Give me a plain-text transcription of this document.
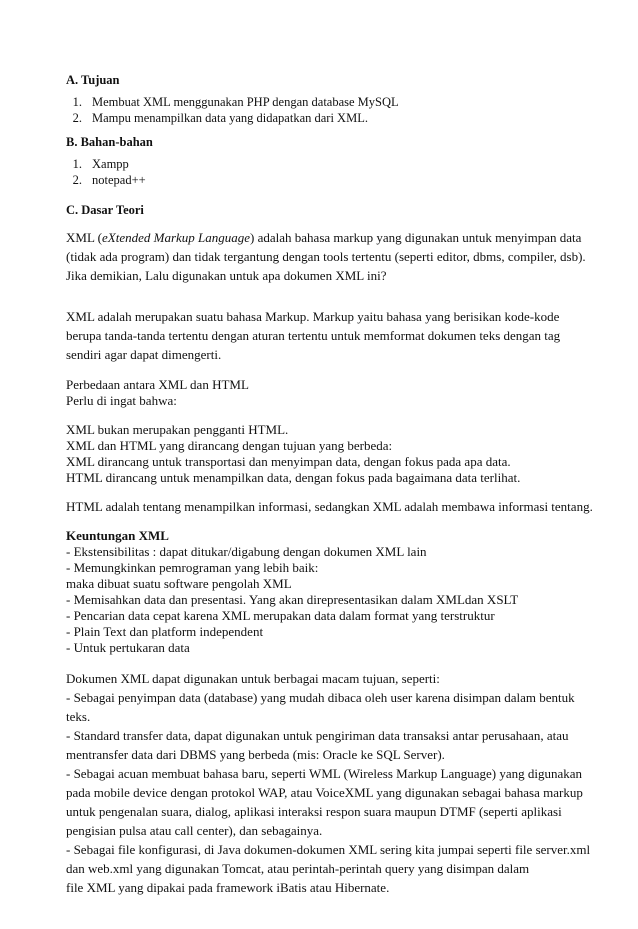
A. Tujuan

1. Membuat XML menggunakan PHP dengan database MySQL
2. Mampu menampilkan data yang didapatkan dari XML.

B. Bahan-bahan

1. Xampp
2. notepad++

C. Dasar Teori

XML (eXtended Markup Language) adalah bahasa markup yang digunakan untuk menyimpan data
(tidak ada program) dan tidak tergantung dengan tools tertentu (seperti editor, dbms, compiler, dsb).
Jika demikian, Lalu digunakan untuk apa dokumen XML ini?

XML adalah merupakan suatu bahasa Markup. Markup yaitu bahasa yang berisikan kode-kode
berupa tanda-tanda tertentu dengan aturan tertentu untuk memformat dokumen teks dengan tag
sendiri agar dapat dimengerti.

Perbedaan antara XML dan HTML
Perlu di ingat bahwa:

XML bukan merupakan pengganti HTML.
XML dan HTML yang dirancang dengan tujuan yang berbeda:
XML dirancang untuk transportasi dan menyimpan data, dengan fokus pada apa data.
HTML dirancang untuk menampilkan data, dengan fokus pada bagaimana data terlihat.

HTML adalah tentang menampilkan informasi, sedangkan XML adalah membawa informasi tentang.

Keuntungan XML

- Ekstensibilitas : dapat ditukar/digabung dengan dokumen XML lain
- Memungkinkan pemrograman yang lebih baik:
maka dibuat suatu software pengolah XML
- Memisahkan data dan presentasi. Yang akan direpresentasikan dalam XMLdan XSLT
- Pencarian data cepat karena XML merupakan data dalam format yang terstruktur
- Plain Text dan platform independent
- Untuk pertukaran data

Dokumen XML dapat digunakan untuk berbagai macam tujuan, seperti:
- Sebagai penyimpan data (database) yang mudah dibaca oleh user karena disimpan dalam bentuk
teks.
- Standard transfer data, dapat digunakan untuk pengiriman data transaksi antar perusahaan, atau
mentransfer data dari DBMS yang berbeda (mis: Oracle ke SQL Server).
- Sebagai acuan membuat bahasa baru, seperti WML (Wireless Markup Language) yang digunakan
pada mobile device dengan protokol WAP, atau VoiceXML yang digunakan sebagai bahasa markup
untuk pengenalan suara, dialog, aplikasi interaksi respon suara maupun DTMF (seperti aplikasi
pengisian pulsa atau call center), dan sebagainya.
- Sebagai file konfigurasi, di Java dokumen-dokumen XML sering kita jumpai seperti file server.xml
dan web.xml yang digunakan Tomcat, atau perintah-perintah query yang disimpan dalam
file XML yang dipakai pada framework iBatis atau Hibernate.
